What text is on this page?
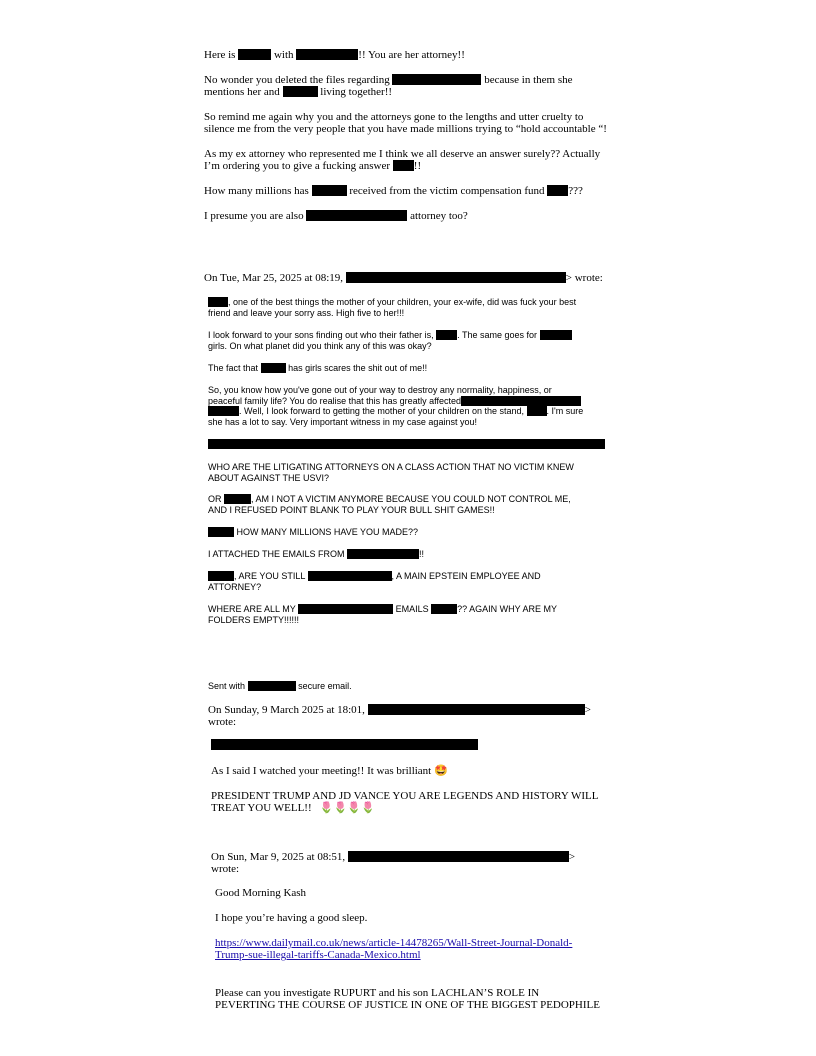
Here is	with	!! You are her attorney!!

No wonder you deleted the files regarding	because in them she

mentions her and	living together!!

So remind me again why you and the attorneys gone to the lengths and utter cruelty to

silence me from the very people that you have made millions trying to “hold accountable “!

As my ex attorney who represented me I think we all deserve an answer surely?? Actually

I’m ordering you to give a fucking answer !!

How many millions has	received from the victim compensation fund ???

I presume you are also	attorney too?

On Tue, Mar 25, 2025 at 08:19,	> wrote:

, one of the best things the mother of your children, your ex-wife, did was fuck your best

friend and leave your sorry ass. High five to her!!!

I look forward to your sons finding out who their father is,	. The same goes for

girls. On what planet did you think any of this was okay?

The fact that	has girls scares the shit out of me!!

So, you know how you've gone out of your way to destroy any normality, happiness, or

peaceful family life? You do realise that this has greatly affected

. Well, I look forward to getting the mother of your children on the stand,	. I'm sure

she has a lot to say. Very important witness in my case against you!

WHO ARE THE LITIGATING ATTORNEYS ON A CLASS ACTION THAT NO VICTIM KNEW

ABOUT AGAINST THE USVI?

OR	, AM I NOT A VICTIM ANYMORE BECAUSE YOU COULD NOT CONTROL ME,

AND I REFUSED POINT BLANK TO PLAY YOUR BULL SHIT GAMES!!

HOW MANY MILLIONS HAVE YOU MADE??

I ATTACHED THE EMAILS FROM	!!

, ARE YOU STILL	, A MAIN EPSTEIN EMPLOYEE AND

ATTORNEY?

WHERE ARE ALL MY	EMAILS	?? AGAIN WHY ARE MY

FOLDERS EMPTY!!!!!!

Sent with	secure email.

On Sunday, 9 March 2025 at 18:01,	>

wrote:

As I said I watched your meeting!! It was brilliant 🤩

PRESIDENT TRUMP AND JD VANCE YOU ARE LEGENDS AND HISTORY WILL

TREAT YOU WELL!! 🌷🌷🌷🌷

On Sun, Mar 9, 2025 at 08:51,	>

wrote:

Good Morning Kash

I hope you’re having a good sleep.

https://www.dailymail.co.uk/news/article-14478265/Wall-Street-Journal-Donald-

Trump-sue-illegal-tariffs-Canada-Mexico.html

Please can you investigate RUPURT and his son LACHLAN’S ROLE IN

PEVERTING THE COURSE OF JUSTICE IN ONE OF THE BIGGEST PEDOPHILE
